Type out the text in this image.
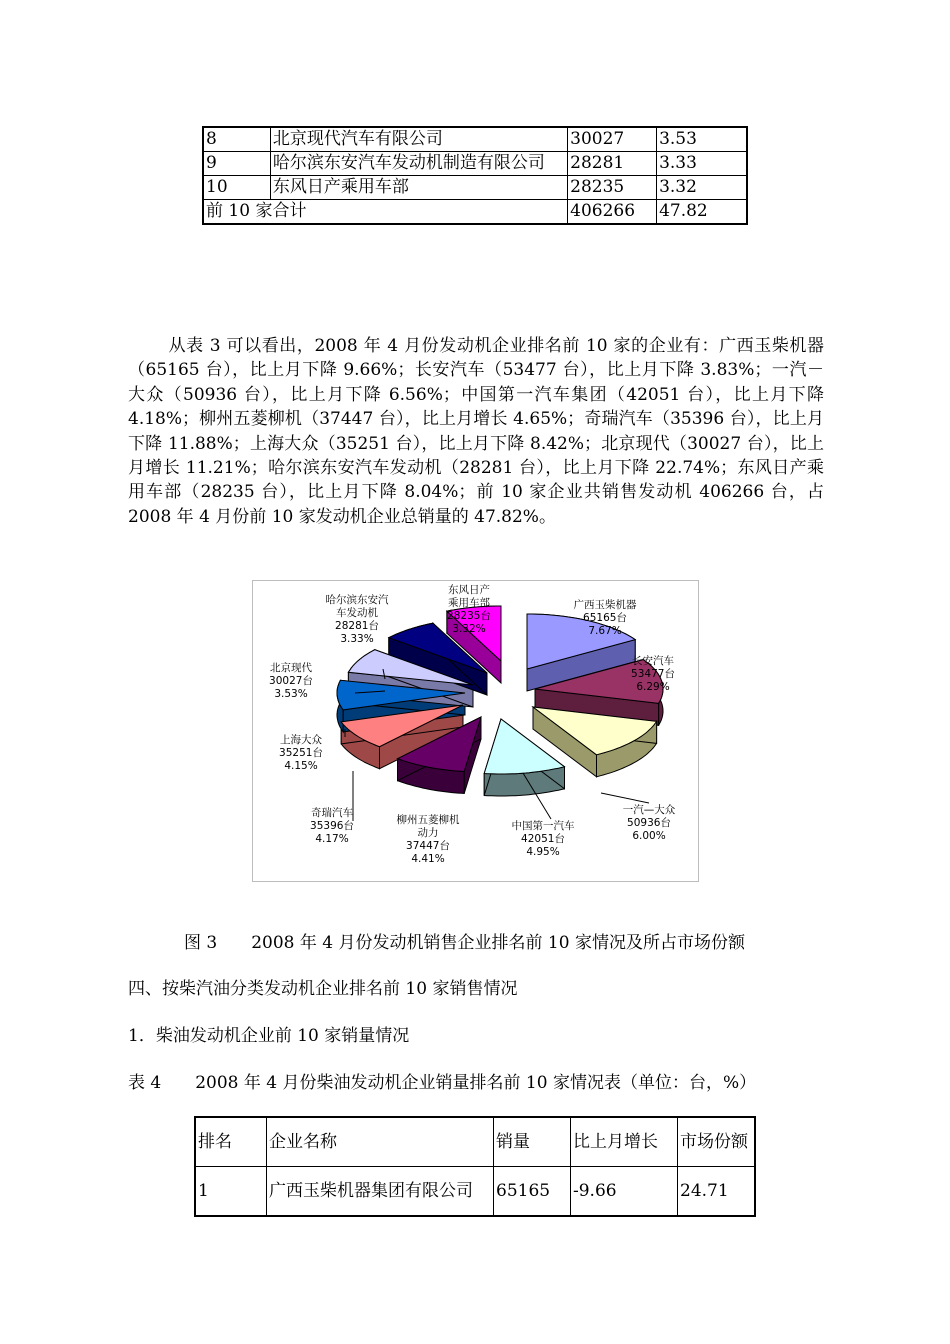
8	北京现代汽车有限公司	30027	3.53
9	哈尔滨东安汽车发动机制造有限公司	28281	3.33
10	东风日产乘用车部	28235	3.32
前 10 家合计		406266	47.82
从表 3 可以看出，2008 年 4 月份发动机企业排名前 10 家的企业有：广西玉柴机器（65165 台），比上月下降 9.66%；长安汽车（53477 台），比上月下降 3.83%；一汽－大众（50936 台），比上月下降 6.56%；中国第一汽车集团（42051 台），比上月下降 4.18%；柳州五菱柳机（37447 台），比上月增长 4.65%；奇瑞汽车（35396 台），比上月下降 11.88%；上海大众（35251 台），比上月下降 8.42%；北京现代（30027 台），比上月增长 11.21%；哈尔滨东安汽车发动机（28281 台），比上月下降 22.74%；东风日产乘用车部（28235 台），比上月下降 8.04%；前 10 家企业共销售发动机 406266 台，占 2008 年 4 月份前 10 家发动机企业总销量的 47.82%。
广西玉柴机器 65165台 7.67%
长安汽车 53477台 6.29%
一汽—大众 50936台 6.00%
中国第一汽车 42051台 4.95%
柳州五菱柳机动力 37447台 4.41%
奇瑞汽车 35396台 4.17%
上海大众 35251台 4.15%
北京现代 30027台 3.53%
哈尔滨东安汽车发动机 28281台 3.33%
东风日产乘用车部 28235台 3.32%
图 3　　2008 年 4 月份发动机销售企业排名前 10 家情况及所占市场份额
四、按柴汽油分类发动机企业排名前 10 家销售情况
1．柴油发动机企业前 10 家销量情况
表 4　　2008 年 4 月份柴油发动机企业销量排名前 10 家情况表（单位：台，%）
排名	企业名称	销量	比上月增长	市场份额
1	广西玉柴机器集团有限公司	65165	-9.66	24.71
